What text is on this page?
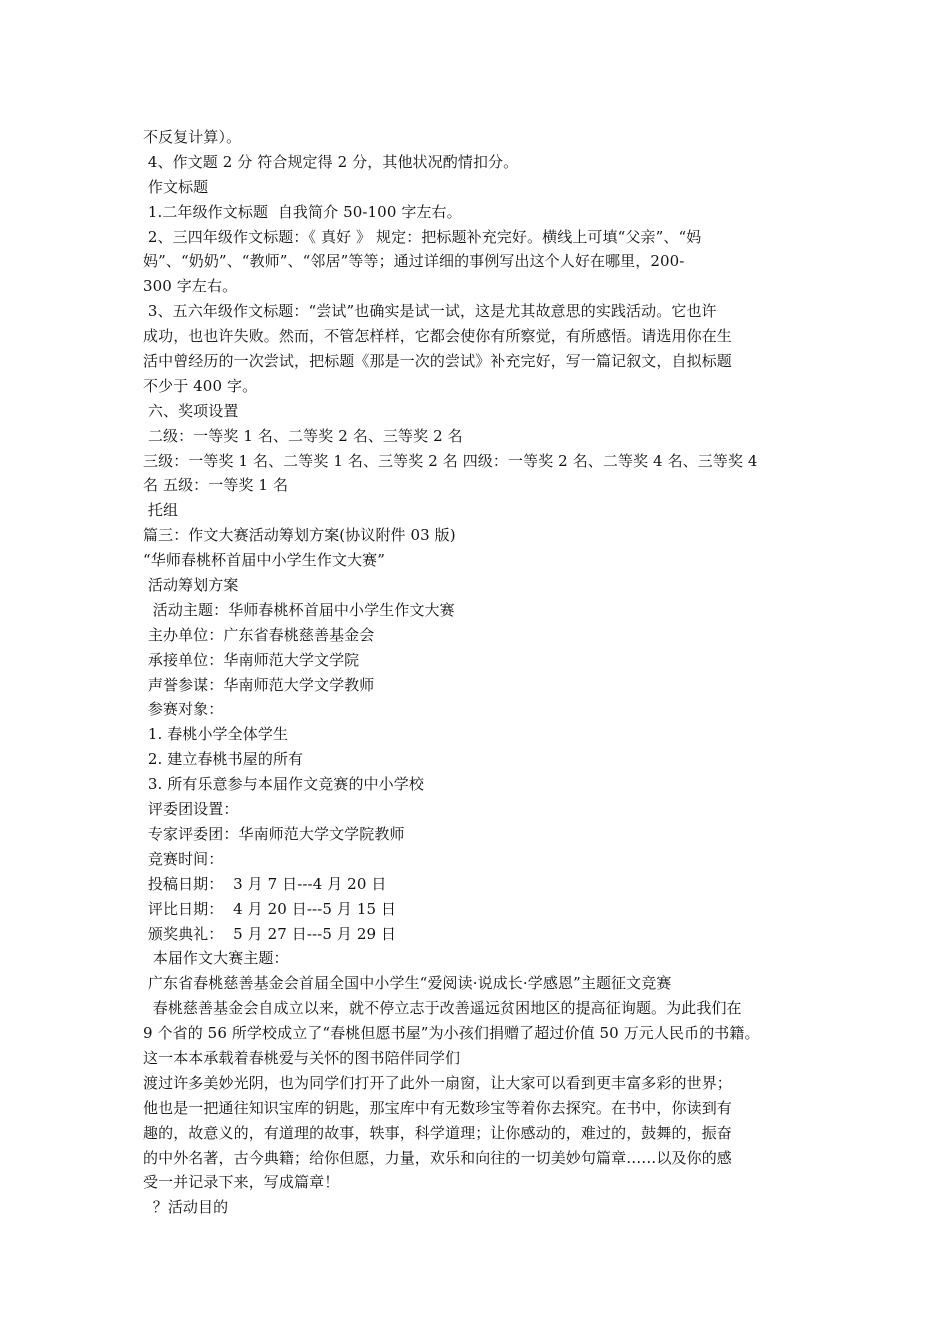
不反复计算）。
4、作文题 2 分 符合规定得 2 分，其他状况酌情扣分。
作文标题
1.二年级作文标题  自我简介 50-100 字左右。
2、三四年级作文标题：《 真好 》 规定：把标题补充完好。横线上可填“父亲”、“妈
妈”、“奶奶”、“教师”、“邻居”等等；通过详细的事例写出这个人好在哪里，200-
300 字左右。
3、五六年级作文标题：“尝试”也确实是试一试，这是尤其故意思的实践活动。它也许
成功，也也许失败。然而，不管怎样样，它都会使你有所察觉，有所感悟。请选用你在生
活中曾经历的一次尝试，把标题《那是一次的尝试》补充完好，写一篇记叙文，自拟标题
不少于 400 字。
六、奖项设置
二级：一等奖 1 名、二等奖 2 名、三等奖 2 名
三级：一等奖 1 名、二等奖 1 名、三等奖 2 名 四级：一等奖 2 名、二等奖 4 名、三等奖 4
名 五级：一等奖 1 名
托组
篇三：作文大赛活动筹划方案(协议附件 03 版)
“华师春桃杯首届中小学生作文大赛”
活动筹划方案
活动主题：华师春桃杯首届中小学生作文大赛
主办单位：广东省春桃慈善基金会
承接单位：华南师范大学文学院
声誉参谋：华南师范大学文学教师
参赛对象：
1. 春桃小学全体学生
2. 建立春桃书屋的所有
3. 所有乐意参与本届作文竞赛的中小学校
评委团设置：
专家评委团：华南师范大学文学院教师
竞赛时间：
投稿日期：  3 月 7 日---4 月 20 日
评比日期：  4 月 20 日---5 月 15 日
颁奖典礼：  5 月 27 日---5 月 29 日
本届作文大赛主题：
广东省春桃慈善基金会首届全国中小学生“爱阅读·说成长·学感恩”主题征文竞赛
春桃慈善基金会自成立以来，就不停立志于改善遥远贫困地区的提高征询题。为此我们在
9 个省的 56 所学校成立了“春桃但愿书屋”为小孩们捐赠了超过价值 50 万元人民币的书籍。
这一本本承载着春桃爱与关怀的图书陪伴同学们
渡过许多美妙光阴，也为同学们打开了此外一扇窗，让大家可以看到更丰富多彩的世界；
他也是一把通往知识宝库的钥匙，那宝库中有无数珍宝等着你去探究。在书中，你读到有
趣的，故意义的，有道理的故事，轶事，科学道理；让你感动的，难过的，鼓舞的，振奋
的中外名著，古今典籍；给你但愿，力量，欢乐和向往的一切美妙句篇章……以及你的感
受一并记录下来，写成篇章！
？活动目的
